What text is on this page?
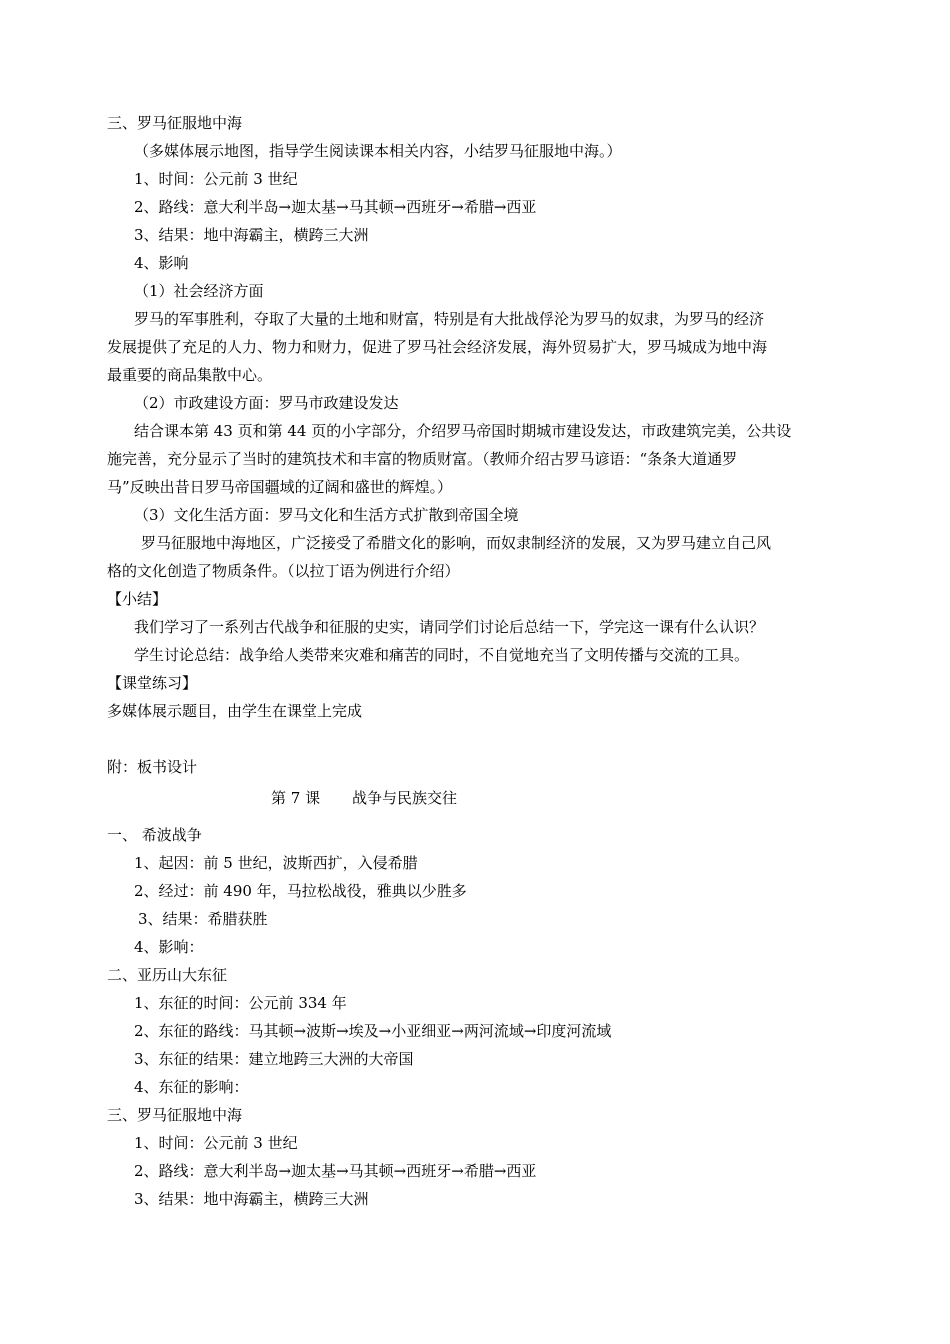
三、罗马征服地中海
（多媒体展示地图，指导学生阅读课本相关内容，小结罗马征服地中海。）
1、时间：公元前 3 世纪
2、路线：意大利半岛→迦太基→马其顿→西班牙→希腊→西亚
3、结果：地中海霸主，横跨三大洲
4、影响
（1）社会经济方面
罗马的军事胜利，夺取了大量的土地和财富，特别是有大批战俘沦为罗马的奴隶，为罗马的经济
发展提供了充足的人力、物力和财力，促进了罗马社会经济发展，海外贸易扩大，罗马城成为地中海
最重要的商品集散中心。
（2）市政建设方面：罗马市政建设发达
结合课本第 43 页和第 44 页的小字部分，介绍罗马帝国时期城市建设发达，市政建筑完美，公共设
施完善，充分显示了当时的建筑技术和丰富的物质财富。（教师介绍古罗马谚语：“条条大道通罗
马”反映出昔日罗马帝国疆域的辽阔和盛世的辉煌。）
（3）文化生活方面：罗马文化和生活方式扩散到帝国全境
罗马征服地中海地区，广泛接受了希腊文化的影响，而奴隶制经济的发展，又为罗马建立自己风
格的文化创造了物质条件。（以拉丁语为例进行介绍）
【小结】
我们学习了一系列古代战争和征服的史实，请同学们讨论后总结一下，学完这一课有什么认识？
学生讨论总结：战争给人类带来灾难和痛苦的同时，不自觉地充当了文明传播与交流的工具。
【课堂练习】
多媒体展示题目，由学生在课堂上完成
附：板书设计
第 7 课 战争与民族交往
一、 希波战争
1、起因：前 5 世纪，波斯西扩，入侵希腊
2、经过：前 490 年，马拉松战役，雅典以少胜多
3、结果：希腊获胜
4、影响：
二、亚历山大东征
1、东征的时间：公元前 334 年
2、东征的路线：马其顿→波斯→埃及→小亚细亚→两河流域→印度河流域
3、东征的结果：建立地跨三大洲的大帝国
4、东征的影响：
三、罗马征服地中海
1、时间：公元前 3 世纪
2、路线：意大利半岛→迦太基→马其顿→西班牙→希腊→西亚
3、结果：地中海霸主，横跨三大洲
